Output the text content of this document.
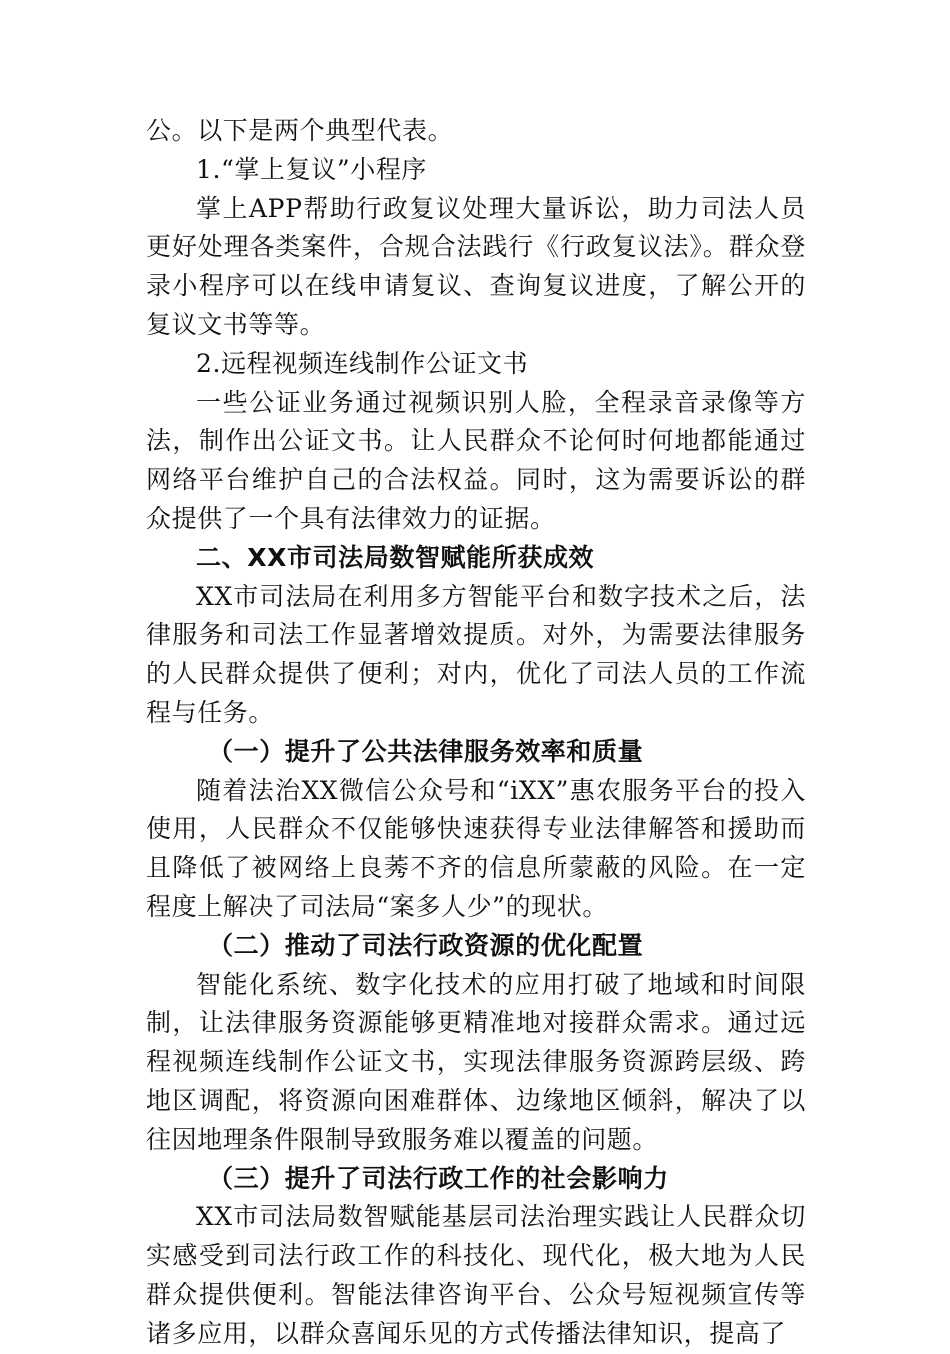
公。以下是两个典型代表。

1.“掌上复议”小程序

掌上APP帮助行政复议处理大量诉讼，助力司法人员更好处理各类案件，合规合法践行《行政复议法》。群众登录小程序可以在线申请复议、查询复议进度，了解公开的复议文书等等。

2.远程视频连线制作公证文书

一些公证业务通过视频识别人脸，全程录音录像等方法，制作出公证文书。让人民群众不论何时何地都能通过网络平台维护自己的合法权益。同时，这为需要诉讼的群众提供了一个具有法律效力的证据。

二、XX市司法局数智赋能所获成效

XX市司法局在利用多方智能平台和数字技术之后，法律服务和司法工作显著增效提质。对外，为需要法律服务的人民群众提供了便利；对内，优化了司法人员的工作流程与任务。

（一）提升了公共法律服务效率和质量

随着法治XX微信公众号和“iXX”惠农服务平台的投入使用，人民群众不仅能够快速获得专业法律解答和援助而且降低了被网络上良莠不齐的信息所蒙蔽的风险。在一定程度上解决了司法局“案多人少”的现状。

（二）推动了司法行政资源的优化配置

智能化系统、数字化技术的应用打破了地域和时间限制，让法律服务资源能够更精准地对接群众需求。通过远程视频连线制作公证文书，实现法律服务资源跨层级、跨地区调配，将资源向困难群体、边缘地区倾斜，解决了以往因地理条件限制导致服务难以覆盖的问题。

（三）提升了司法行政工作的社会影响力

XX市司法局数智赋能基层司法治理实践让人民群众切实感受到司法行政工作的科技化、现代化，极大地为人民群众提供便利。智能法律咨询平台、公众号短视频宣传等诸多应用，以群众喜闻乐见的方式传播法律知识，提高了
